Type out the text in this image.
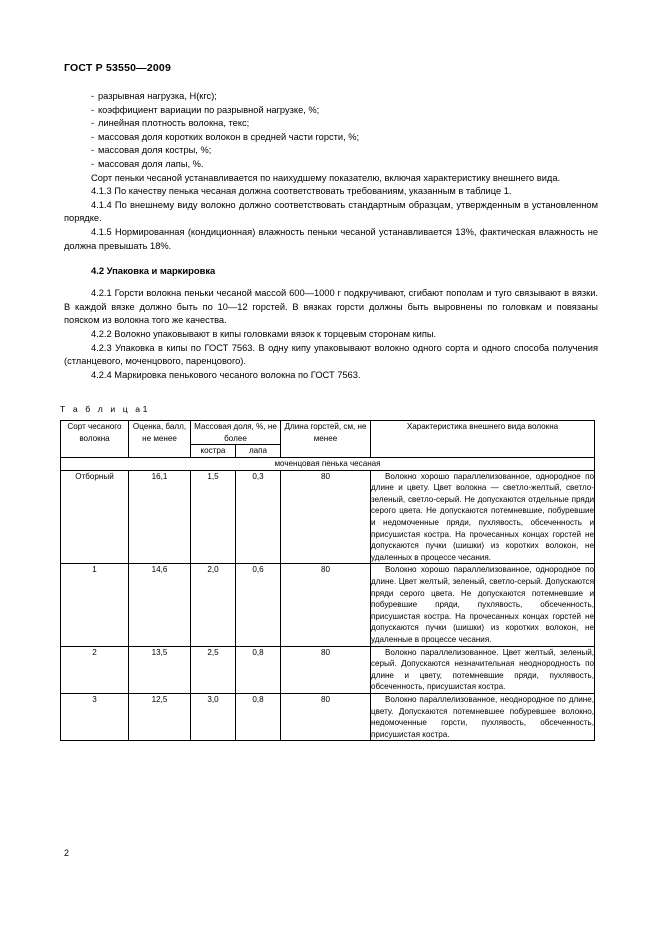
ГОСТ Р 53550—2009
- разрывная нагрузка, Н(кгс);
- коэффициент вариации по разрывной нагрузке, %;
- линейная плотность волокна, текс;
- массовая доля коротких волокон в средней части горсти, %;
- массовая доля костры, %;
- массовая доля лапы, %.

Сорт пеньки чесаной устанавливается по наихудшему показателю, включая характеристику внешнего вида.

4.1.3 По качеству пенька чесаная должна соответствовать требованиям, указанным в таблице 1.

4.1.4 По внешнему виду волокно должно соответствовать стандартным образцам, утвержденным в установленном порядке.

4.1.5 Нормированная (кондиционная) влажность пеньки чесаной устанавливается 13%, фактическая влажность не должна превышать 18%.

4.2 Упаковка и маркировка

4.2.1 Горсти волокна пеньки чесаной массой 600—1000 г подкручивают, сгибают пополам и туго связывают в вязки. В каждой вязке должно быть по 10—12 горстей. В вязках горсти должны быть выровнены по головкам и повязаны пояском из волокна того же качества.

4.2.2 Волокно упаковывают в кипы головками вязок к торцевым сторонам кипы.

4.2.3 Упаковка в кипы по ГОСТ 7563. В одну кипу упаковывают волокно одного сорта и одного способа получения (стланцевого, моченцового, паренцового).

4.2.4 Маркировка пенькового чесаного волокна по ГОСТ 7563.

Т а б л и ц а1
Сорт чесаного волокна	Оценка, балл, не менее	Массовая доля, %, не более		Длина горстей, см, не менее	Характеристика внешнего вида волокна
		костра	лапа		
моченцовая пенька чесаная					
Отборный	16,1	1,5	0,3	80	Волокно хорошо параллелизованное, однородное по длине и цвету. Цвет волокна — светло-желтый, светло-зеленый, светло-серый. Не допускаются отдельные пряди серого цвета. Не допускаются потемневшие, побуревшие и недомоченные пряди, пухлявость, обсеченность и присушистая костра. На прочесанных концах горстей не допускаются пучки (шишки) из коротких волокон, не удаленных в процессе чесания.
1	14,6	2,0	0,6	80	Волокно хорошо параллелизованное, однородное по длине. Цвет желтый, зеленый, светло-серый. Допускаются пряди серого цвета. Не допускаются потемневшие и побуревшие пряди, пухлявость, обсеченность, присушистая костра. На прочесанных концах горстей не допускаются пучки (шишки) из коротких волокон, не удаленные в процессе чесания.
2	13,5	2,5	0,8	80	Волокно параллелизованное. Цвет желтый, зеленый, серый. Допускаются незначительная неоднородность по длине и цвету, потемневшие пряди, пухлявость, обсеченность, присушистая костра.
3	12,5	3,0	0,8	80	Волокно параллелизованное, неоднородное по длине, цвету. Допускаются потемневшее побуревшее волокно, недомоченные горсти, пухлявость, обсеченность, присушистая костра.
2
